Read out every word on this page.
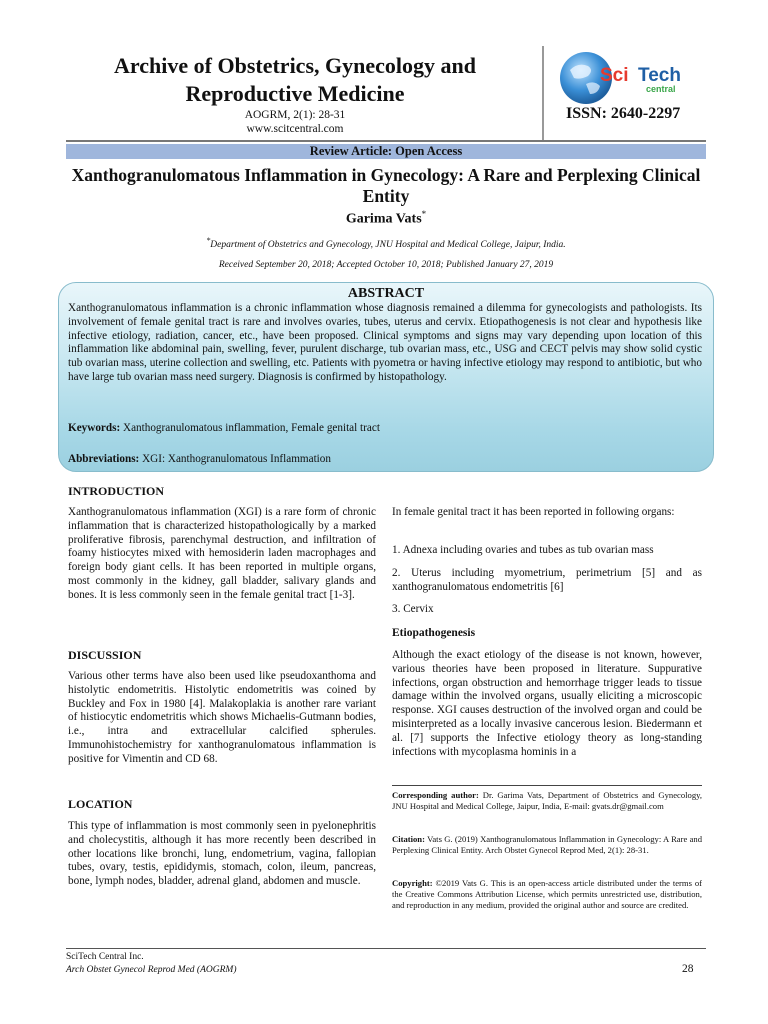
Archive of Obstetrics, Gynecology and Reproductive Medicine
AOGRM, 2(1): 28-31
www.scitcentral.com
Sci Tech
central
ISSN: 2640-2297
Review Article: Open Access
Xanthogranulomatous Inflammation in Gynecology: A Rare and Perplexing Clinical Entity
Garima Vats*
*Department of Obstetrics and Gynecology, JNU Hospital and Medical College, Jaipur, India.
Received September 20, 2018; Accepted October 10, 2018; Published January 27, 2019
ABSTRACT
Xanthogranulomatous inflammation is a chronic inflammation whose diagnosis remained a dilemma for gynecologists and pathologists. Its involvement of female genital tract is rare and involves ovaries, tubes, uterus and cervix. Etiopathogenesis is not clear and hypothesis like infective etiology, radiation, cancer, etc., have been proposed. Clinical symptoms and signs may vary depending upon location of this inflammation like abdominal pain, swelling, fever, purulent discharge, tub ovarian mass, etc., USG and CECT pelvis may show solid cystic tub ovarian mass, uterine collection and swelling, etc. Patients with pyometra or having infective etiology may respond to antibiotic, but who have large tub ovarian mass need surgery. Diagnosis is confirmed by histopathology.
Keywords: Xanthogranulomatous inflammation, Female genital tract
Abbreviations: XGI: Xanthogranulomatous Inflammation
INTRODUCTION
Xanthogranulomatous inflammation (XGI) is a rare form of chronic inflammation that is characterized histopathologically by a marked proliferative fibrosis, parenchymal destruction, and infiltration of foamy histiocytes mixed with hemosiderin laden macrophages and foreign body giant cells. It has been reported in multiple organs, most commonly in the kidney, gall bladder, salivary glands and bones. It is less commonly seen in the female genital tract [1-3].
DISCUSSION
Various other terms have also been used like pseudoxanthoma and histolytic endometritis. Histolytic endometritis was coined by Buckley and Fox in 1980 [4]. Malakoplakia is another rare variant of histiocytic endometritis which shows Michaelis-Gutmann bodies, i.e., intra and extracellular calcified spherules. Immunohistochemistry for xanthogranulomatous inflammation is positive for Vimentin and CD 68.
LOCATION
This type of inflammation is most commonly seen in pyelonephritis and cholecystitis, although it has more recently been described in other locations like bronchi, lung, endometrium, vagina, fallopian tubes, ovary, testis, epididymis, stomach, colon, ileum, pancreas, bone, lymph nodes, bladder, adrenal gland, abdomen and muscle.
In female genital tract it has been reported in following organs:
1. Adnexa including ovaries and tubes as tub ovarian mass
2. Uterus including myometrium, perimetrium [5] and as xanthogranulomatous endometritis [6]
3. Cervix
Etiopathogenesis
Although the exact etiology of the disease is not known, however, various theories have been proposed in literature. Suppurative infections, organ obstruction and hemorrhage trigger leads to tissue damage within the involved organs, usually eliciting a microscopic response. XGI causes destruction of the involved organ and could be misinterpreted as a locally invasive cancerous lesion. Biedermann et al. [7] supports the Infective etiology theory as long-standing infections with mycoplasma hominis in a
Corresponding author: Dr. Garima Vats, Department of Obstetrics and Gynecology, JNU Hospital and Medical College, Jaipur, India, E-mail: gvats.dr@gmail.com
Citation: Vats G. (2019) Xanthogranulomatous Inflammation in Gynecology: A Rare and Perplexing Clinical Entity. Arch Obstet Gynecol Reprod Med, 2(1): 28-31.
Copyright: ©2019 Vats G. This is an open-access article distributed under the terms of the Creative Commons Attribution License, which permits unrestricted use, distribution, and reproduction in any medium, provided the original author and source are credited.
SciTech Central Inc.
Arch Obstet Gynecol Reprod Med (AOGRM)	28
